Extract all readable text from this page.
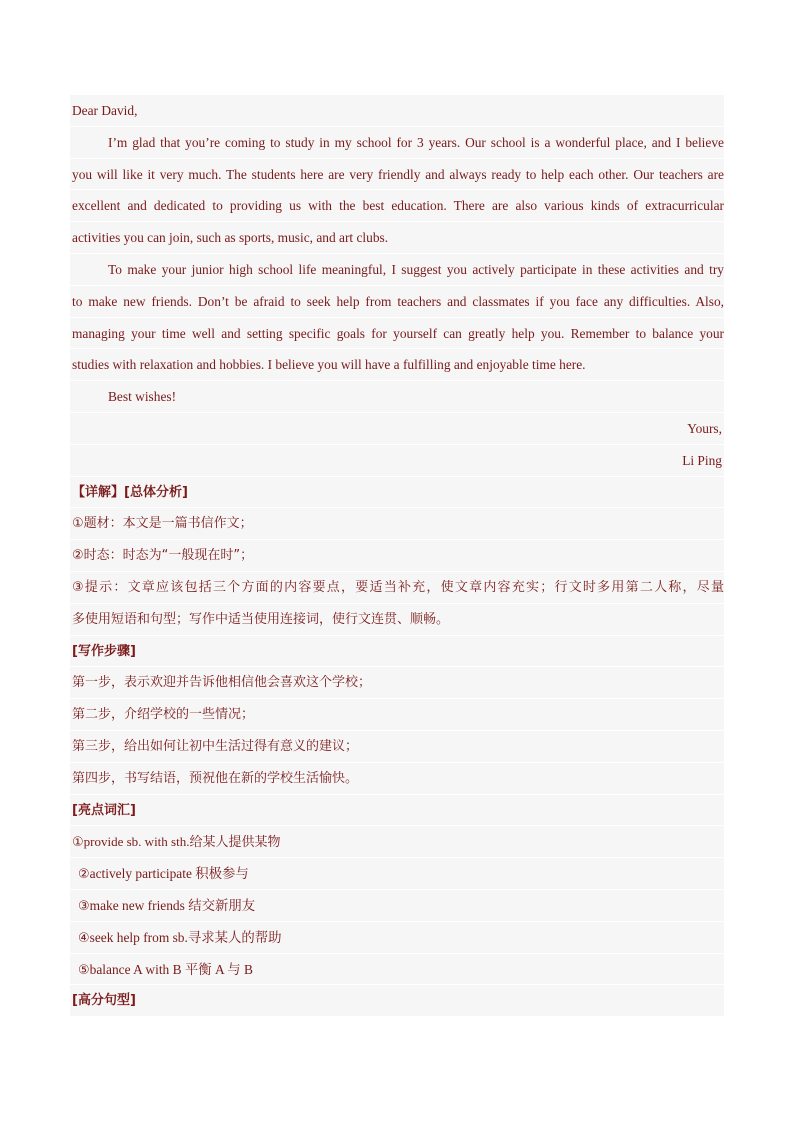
Dear David,
I’m glad that you’re coming to study in my school for 3 years. Our school is a wonderful place, and I believe
you will like it very much. The students here are very friendly and always ready to help each other. Our teachers are
excellent and dedicated to providing us with the best education. There are also various kinds of extracurricular
activities you can join, such as sports, music, and art clubs.
To make your junior high school life meaningful, I suggest you actively participate in these activities and try
to make new friends. Don’t be afraid to seek help from teachers and classmates if you face any difficulties. Also,
managing your time well and setting specific goals for yourself can greatly help you. Remember to balance your
studies with relaxation and hobbies. I believe you will have a fulfilling and enjoyable time here.
Best wishes!
Yours,
Li Ping
【详解】[总体分析]
①题材：本文是一篇书信作文；
②时态：时态为“一般现在时”；
③提示：文章应该包括三个方面的内容要点，要适当补充，使文章内容充实；行文时多用第二人称，尽量
多使用短语和句型；写作中适当使用连接词，使行文连贯、顺畅。
[写作步骤]
第一步，表示欢迎并告诉他相信他会喜欢这个学校；
第二步，介绍学校的一些情况；
第三步，给出如何让初中生活过得有意义的建议；
第四步，书写结语，预祝他在新的学校生活愉快。
[亮点词汇]
①provide sb. with sth.给某人提供某物
②actively participate 积极参与
③make new friends 结交新朋友
④seek help from sb.寻求某人的帮助
⑤balance A with B 平衡 A 与 B
[高分句型]
